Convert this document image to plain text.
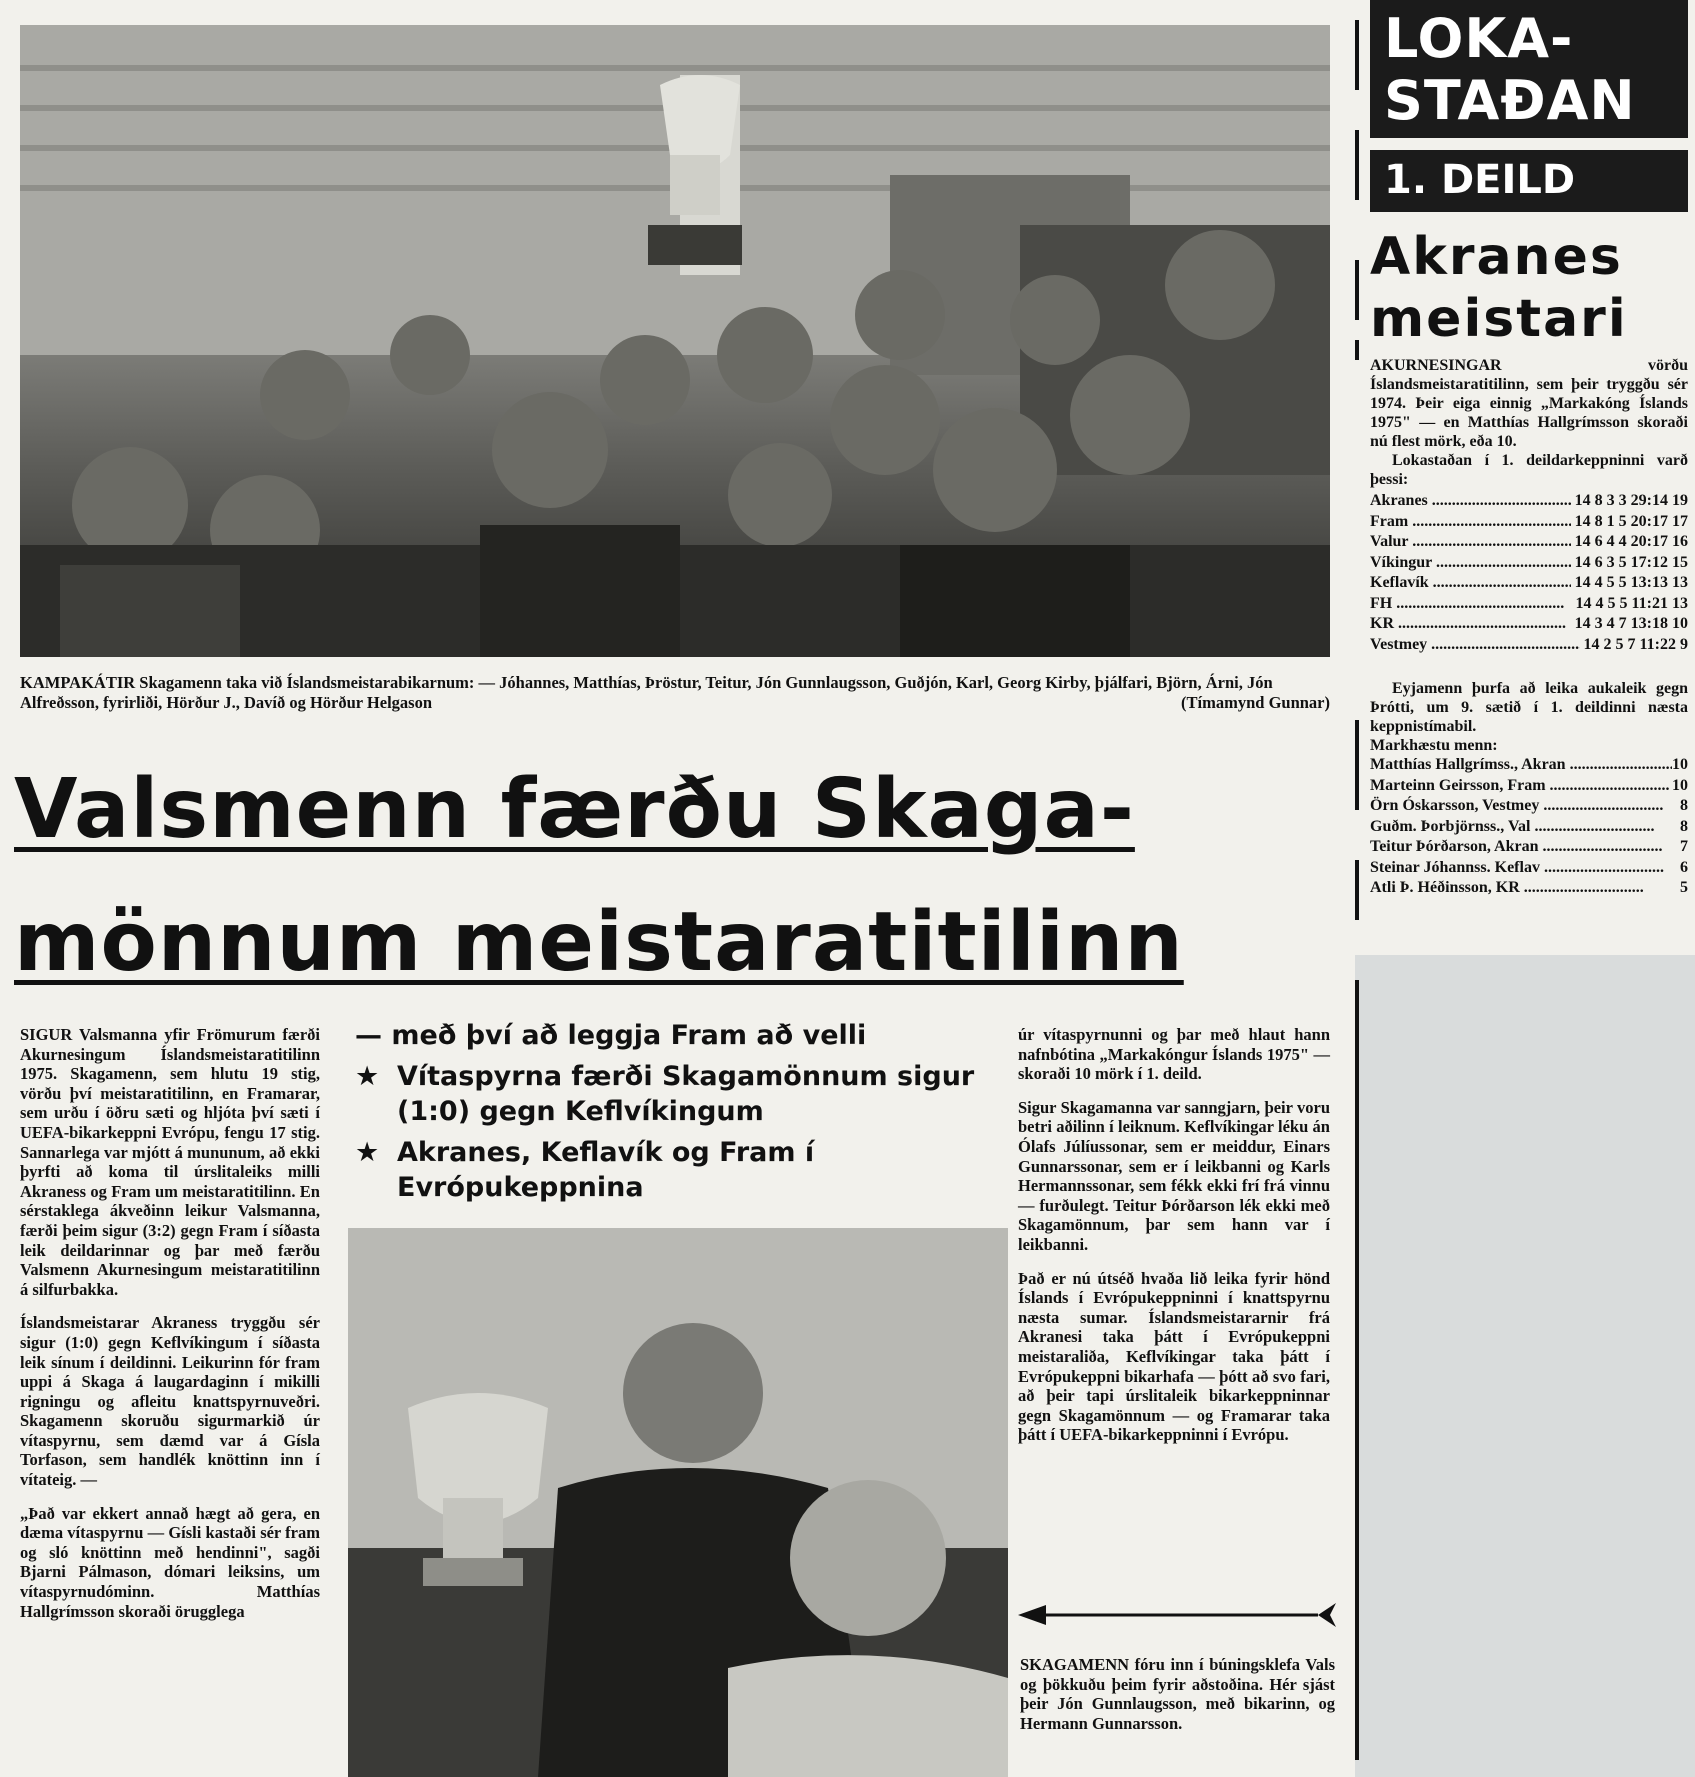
KAMPAKÁTIR Skagamenn taka við Íslandsmeistarabikarnum: — Jóhannes, Matthías, Þröstur, Teitur, Jón Gunnlaugsson, Guðjón, Karl, Georg Kirby, þjálfari, Björn, Árni, Jón Alfreðsson, fyrirliði, Hörður J., Davíð og Hörður Helgason	(Tímamynd Gunnar)
Valsmenn færðu Skaga-
mönnum meistaratitilinn

SIGUR Valsmanna yfir Frömurum færði Akurnesingum Íslandsmeistaratitilinn 1975. Skagamenn, sem hlutu 19 stig, vörðu því meistaratitilinn, en Framarar, sem urðu í öðru sæti og hljóta því sæti í UEFA-bikarkeppni Evrópu, fengu 17 stig. Sannarlega var mjótt á mununum, að ekki þyrfti að koma til úrslitaleiks milli Akraness og Fram um meistaratitilinn. En sérstaklega ákveðinn leikur Valsmanna, færði þeim sigur (3:2) gegn Fram í síðasta leik deildarinnar og þar með færðu Valsmenn Akurnesingum meistaratitilinn á silfurbakka.

Íslandsmeistarar Akraness tryggðu sér sigur (1:0) gegn Keflvíkingum í síðasta leik sínum í deildinni. Leikurinn fór fram uppi á Skaga á laugardaginn í mikilli rigningu og afleitu knattspyrnuveðri. Skagamenn skoruðu sigurmarkið úr vítaspyrnu, sem dæmd var á Gísla Torfason, sem handlék knöttinn inn í vítateig. —

„Það var ekkert annað hægt að gera, en dæma vítaspyrnu — Gísli kastaði sér fram og sló knöttinn með hendinni", sagði Bjarni Pálmason, dómari leiksins, um vítaspyrnudóminn. Matthías Hallgrímsson skoraði örugglega

— með því að leggja Fram að velli
★ Vítaspyrna færði Skagamönnum sigur (1:0) gegn Keflvíkingum
★ Akranes, Keflavík og Fram í Evrópukeppnina

úr vítaspyrnunni og þar með hlaut hann nafnbótina „Markakóngur Íslands 1975" — skoraði 10 mörk í 1. deild.

Sigur Skagamanna var sanngjarn, þeir voru betri aðilinn í leiknum. Keflvíkingar léku án Ólafs Júlíussonar, sem er meiddur, Einars Gunnarssonar, sem er í leikbanni og Karls Hermannssonar, sem fékk ekki frí frá vinnu — furðulegt. Teitur Þórðarson lék ekki með Skagamönnum, þar sem hann var í leikbanni.

Það er nú útséð hvaða lið leika fyrir hönd Íslands í Evrópukeppninni í knattspyrnu næsta sumar. Íslandsmeistararnir frá Akranesi taka þátt í Evrópukeppni meistaraliða, Keflvíkingar taka þátt í Evrópukeppni bikarhafa — þótt að svo fari, að þeir tapi úrslitaleik bikarkeppninnar gegn Skagamönnum — og Framarar taka þátt í UEFA-bikarkeppninni í Evrópu.

SKAGAMENN fóru inn í búningsklefa Vals og þökkuðu þeim fyrir aðstoðina. Hér sjást þeir Jón Gunnlaugsson, með bikarinn, og Hermann Gunnarsson.
LOKA-
STAÐAN
1. DEILD
Akranes
meistari
AKURNESINGAR vörðu Íslandsmeistaratitilinn, sem þeir tryggðu sér 1974. Þeir eiga einnig „Markakóng Íslands 1975" — en Matthías Hallgrímsson skoraði nú flest mörk, eða 10.
Lokastaðan í 1. deildarkeppninni varð þessi:
Akranes .....	14 8 3 3 29:14 19
Fram .....	14 8 1 5 20:17 17
Valur .....	14 6 4 4 20:17 16
Víkingur .....	14 6 3 5 17:12 15
Keflavík .....	14 4 5 5 13:13 13
FH .....	14 4 5 5 11:21 13
KR .....	14 3 4 7 13:18 10
Vestmey .....	14 2 5 7 11:22 9
Eyjamenn þurfa að leika aukaleik gegn Þrótti, um 9. sætið í 1. deildinni næsta keppnistímabil.
Markhæstu menn:
Matthías Hallgrímss., Akran .....	10
Marteinn Geirsson, Fram .....	10
Örn Óskarsson, Vestmey .....	8
Guðm. Þorbjörnss., Val .....	8
Teitur Þórðarson, Akran .....	7
Steinar Jóhannss. Keflav .....	6
Atli Þ. Héðinsson, KR .....	5
